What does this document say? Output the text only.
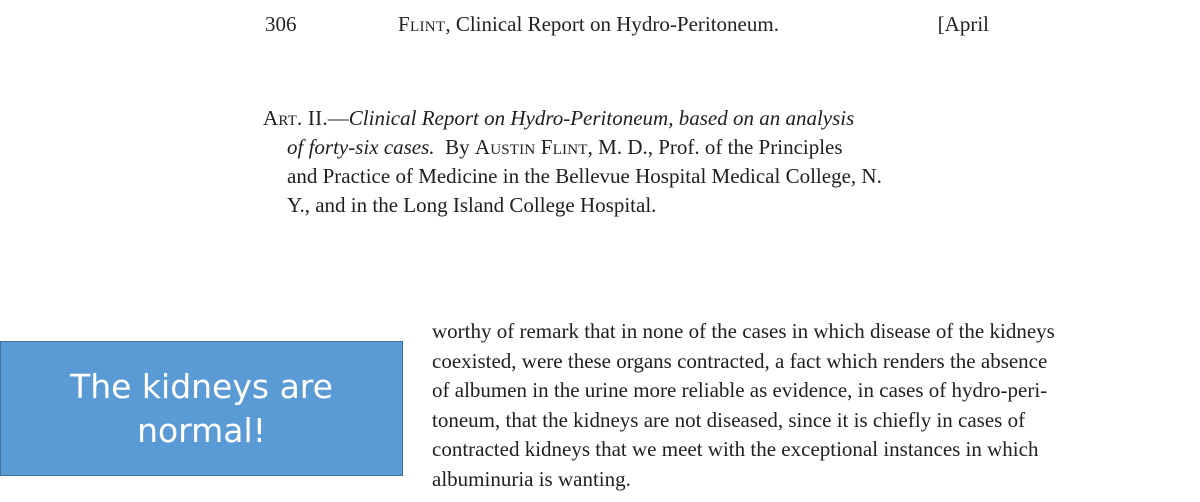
306	Flint, Clinical Report on Hydro-Peritoneum.	[April
Art. II.—Clinical Report on Hydro-Peritoneum, based on an analysis
of forty-six cases.  By Austin Flint, M. D., Prof. of the Principles
and Practice of Medicine in the Bellevue Hospital Medical College, N.
Y., and in the Long Island College Hospital.
The kidneys are
normal!
worthy of remark that in none of the cases in which disease of the kidneys
coexisted, were these organs contracted, a fact which renders the absence
of albumen in the urine more reliable as evidence, in cases of hydro-peri-
toneum, that the kidneys are not diseased, since it is chiefly in cases of
contracted kidneys that we meet with the exceptional instances in which
albuminuria is wanting.
